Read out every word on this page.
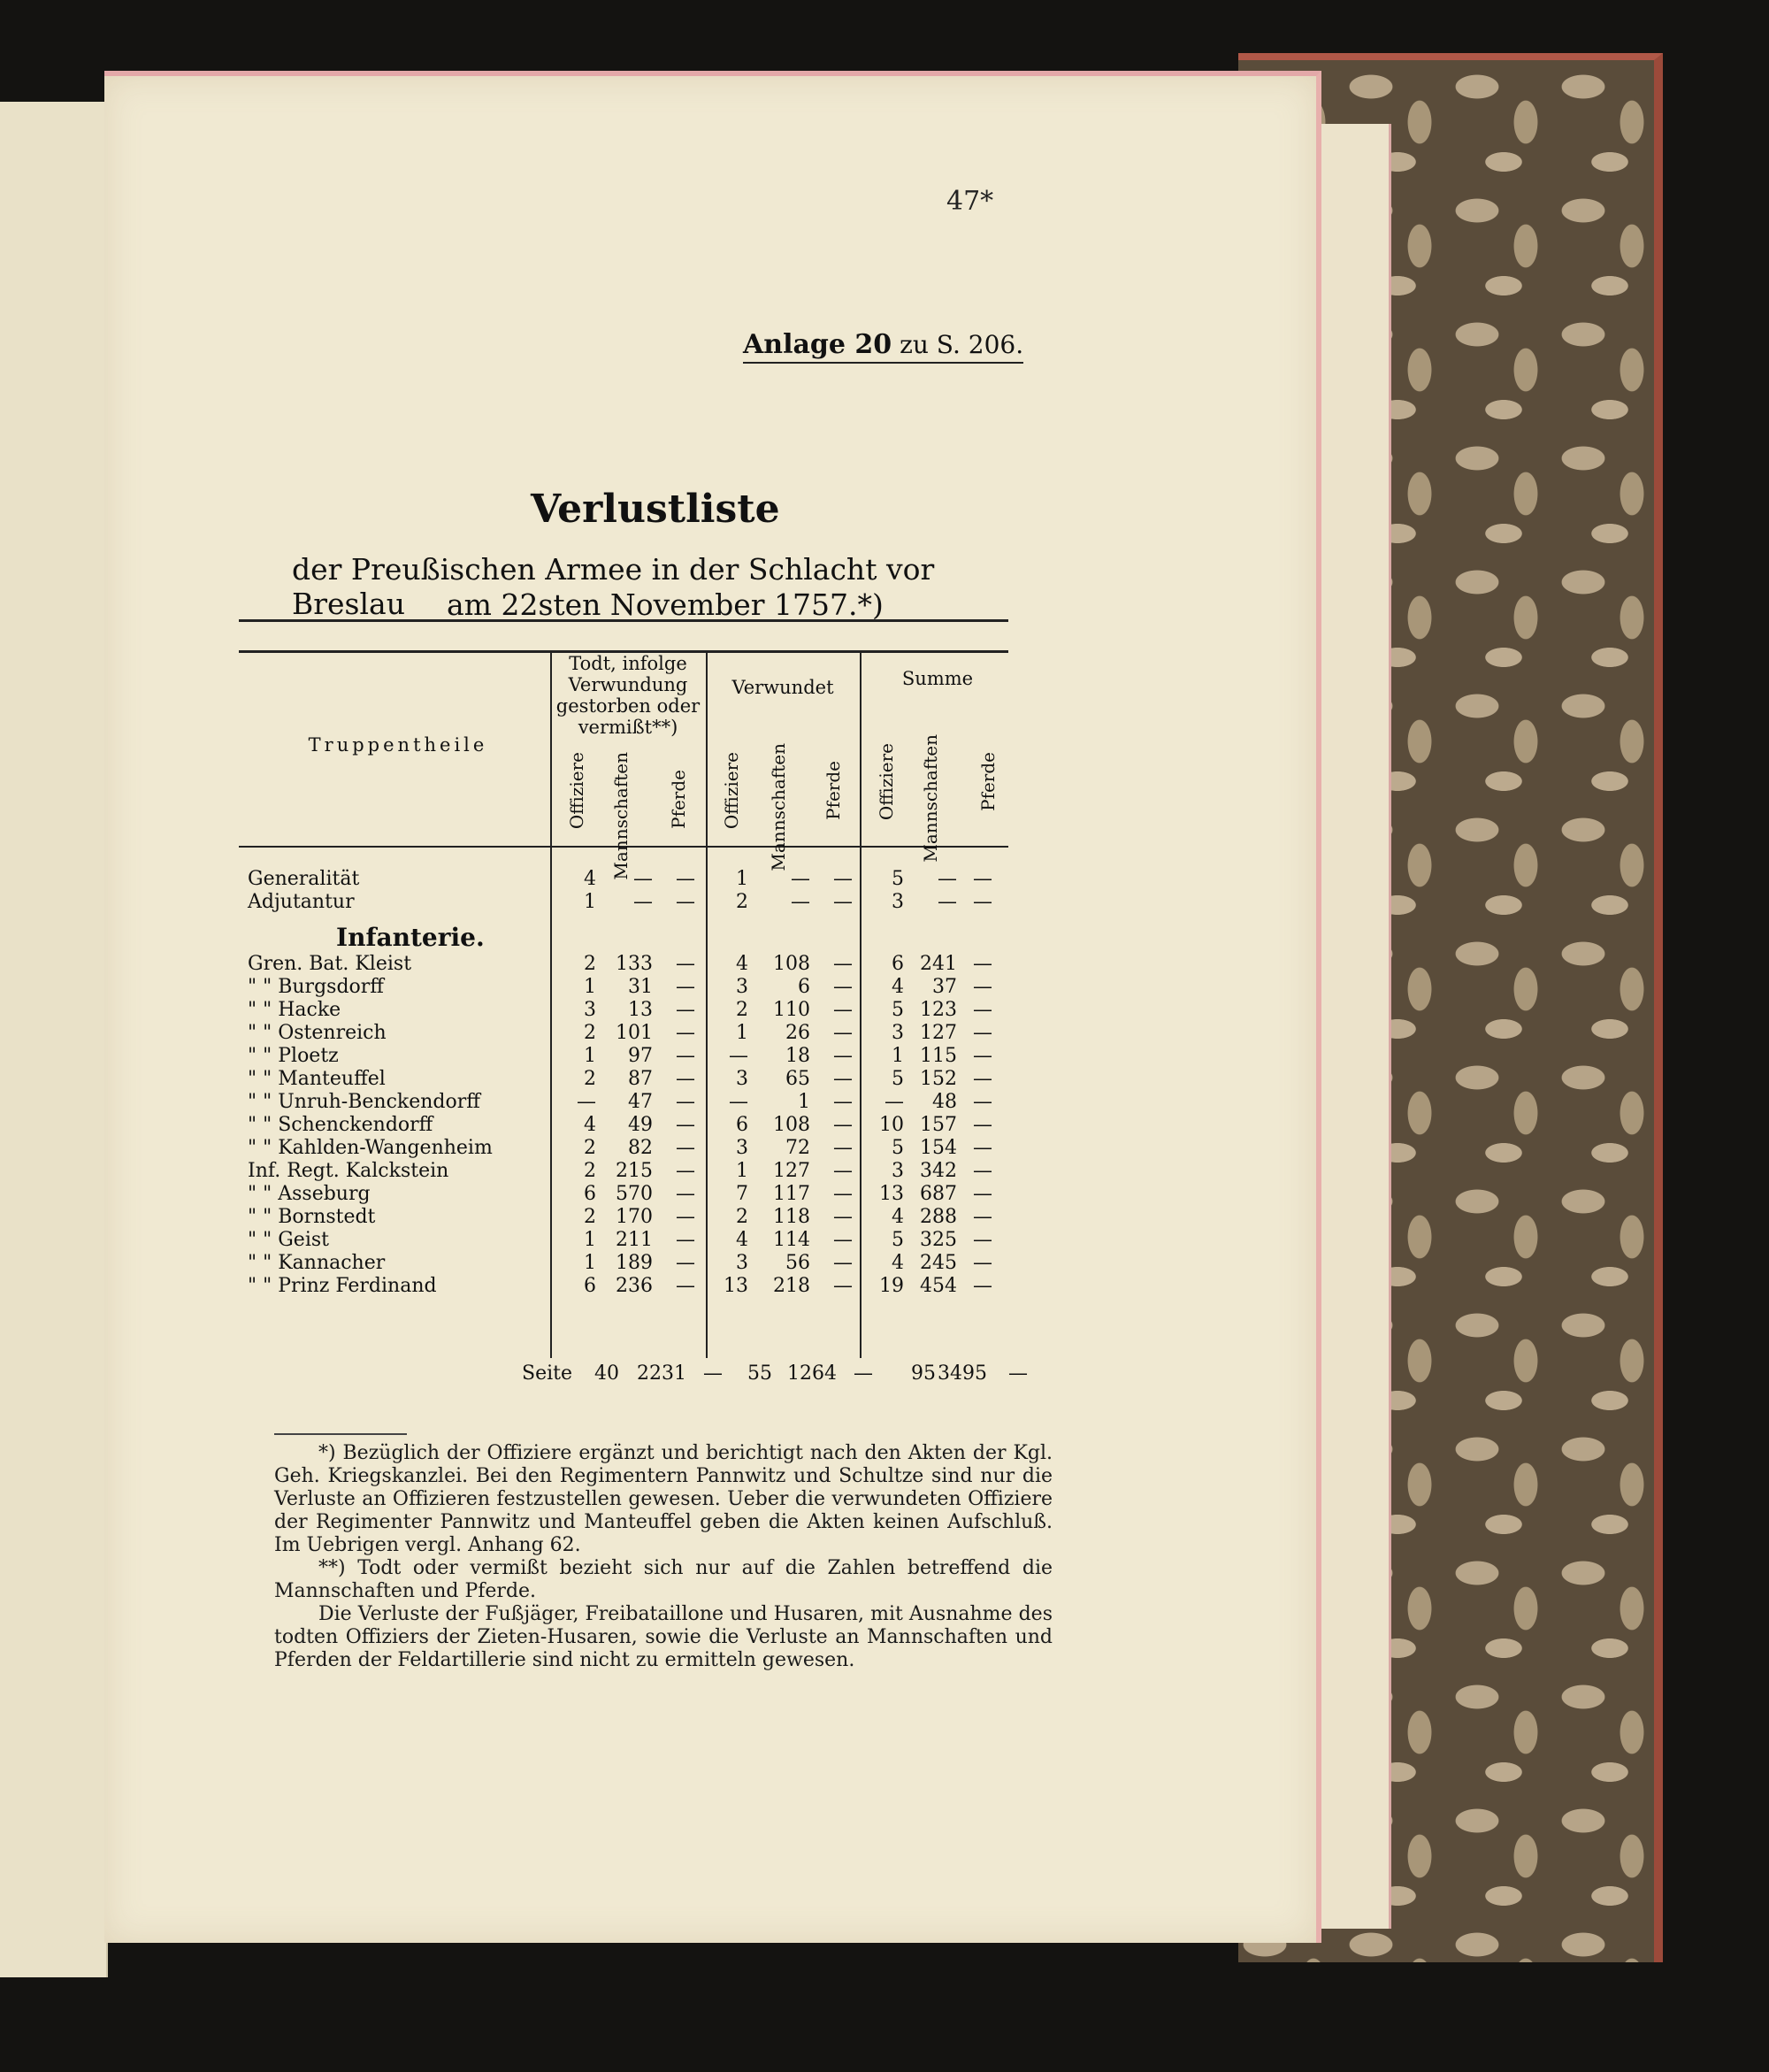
47*
Anlage 20 zu S. 206.
Verlustliste
der Preußischen Armee in der Schlacht vor Breslau	am 22sten November 1757.*)
Truppentheile
Todt, infolge Verwundung gestorben oder vermißt**)
Verwundet	Summe
Offiziere Mannschaften Pferde Offiziere Mannschaften Pferde Offiziere Mannschaften Pferde
Generalität	4	—	—	1	—	—	5	—	—
Adjutantur	1	—	—	2	—	—	3	—	—
Infanterie.									
Gren. Bat. Kleist	2	133	—	4	108	—	6	241	—
" " Burgsdorff	1	31	—	3	6	—	4	37	—
" " Hacke	3	13	—	2	110	—	5	123	—
" " Ostenreich	2	101	—	1	26	—	3	127	—
" " Ploetz	1	97	—	—	18	—	1	115	—
" " Manteuffel	2	87	—	3	65	—	5	152	—
" " Unruh-Benckendorff	—	47	—	—	1	—	—	48	—
" " Schenckendorff	4	49	—	6	108	—	10	157	—
" " Kahlden-Wangenheim	2	82	—	3	72	—	5	154	—
Inf. Regt. Kalckstein	2	215	—	1	127	—	3	342	—
" " Asseburg	6	570	—	7	117	—	13	687	—
" " Bornstedt	2	170	—	2	118	—	4	288	—
" " Geist	1	211	—	4	114	—	5	325	—
" " Kannacher	1	189	—	3	56	—	4	245	—
" " Prinz Ferdinand	6	236	—	13	218	—	19	454	—
Seite 40 2231 — 55 1264 — 95 3495 —

*) Bezüglich der Offiziere ergänzt und berichtigt nach den Akten der Kgl. Geh. Kriegskanzlei. Bei den Regimentern Pannwitz und Schultze sind nur die Verluste an Offizieren festzustellen gewesen. Ueber die verwundeten Offiziere der Regimenter Pannwitz und Manteuffel geben die Akten keinen Aufschluß. Im Uebrigen vergl. Anhang 62.

**) Todt oder vermißt bezieht sich nur auf die Zahlen betreffend die Mannschaften und Pferde.

Die Verluste der Fußjäger, Freibataillone und Husaren, mit Ausnahme des todten Offiziers der Zieten-Husaren, sowie die Verluste an Mannschaften und Pferden der Feldartillerie sind nicht zu ermitteln gewesen.
